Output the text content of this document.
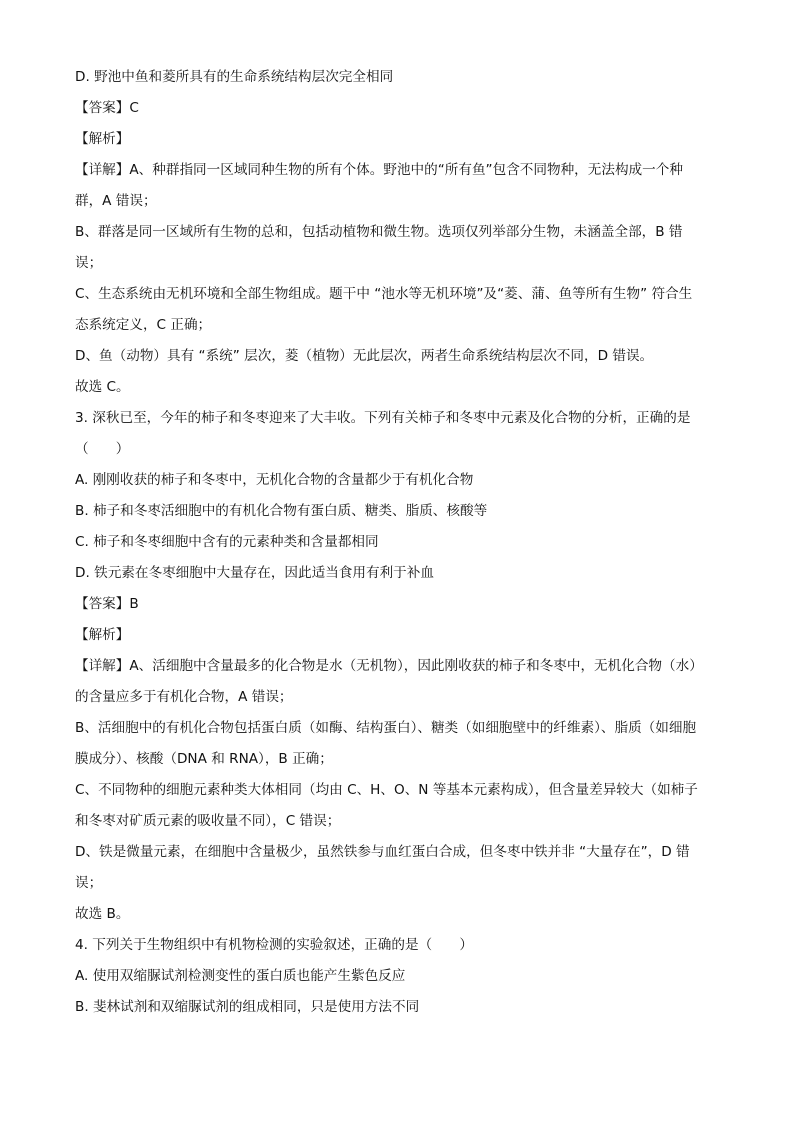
D. 野池中鱼和菱所具有的生命系统结构层次完全相同
【答案】C
【解析】
【详解】A、种群指同一区域同种生物的所有个体。野池中的“所有鱼”包含不同物种，无法构成一个种
群，A 错误；
B、群落是同一区域所有生物的总和，包括动植物和微生物。选项仅列举部分生物，未涵盖全部，B 错
误；
C、生态系统由无机环境和全部生物组成。题干中 “池水等无机环境”及“菱、蒲、鱼等所有生物” 符合生
态系统定义，C 正确；
D、鱼（动物）具有 “系统” 层次，菱（植物）无此层次，两者生命系统结构层次不同，D 错误。
故选 C。
3. 深秋已至，今年的柿子和冬枣迎来了大丰收。下列有关柿子和冬枣中元素及化合物的分析，正确的是
（　　）
A. 刚刚收获的柿子和冬枣中，无机化合物的含量都少于有机化合物
B. 柿子和冬枣活细胞中的有机化合物有蛋白质、糖类、脂质、核酸等
C. 柿子和冬枣细胞中含有的元素种类和含量都相同
D. 铁元素在冬枣细胞中大量存在，因此适当食用有利于补血
【答案】B
【解析】
【详解】A、活细胞中含量最多的化合物是水（无机物），因此刚收获的柿子和冬枣中，无机化合物（水）
的含量应多于有机化合物，A 错误；
B、活细胞中的有机化合物包括蛋白质（如酶、结构蛋白）、糖类（如细胞壁中的纤维素）、脂质（如细胞
膜成分）、核酸（DNA 和 RNA），B 正确；
C、不同物种的细胞元素种类大体相同（均由 C、H、O、N 等基本元素构成），但含量差异较大（如柿子
和冬枣对矿质元素的吸收量不同），C 错误；
D、铁是微量元素，在细胞中含量极少，虽然铁参与血红蛋白合成，但冬枣中铁并非 “大量存在”，D 错
误；
故选 B。
4. 下列关于生物组织中有机物检测的实验叙述，正确的是（　　）
A. 使用双缩脲试剂检测变性的蛋白质也能产生紫色反应
B. 斐林试剂和双缩脲试剂的组成相同，只是使用方法不同
